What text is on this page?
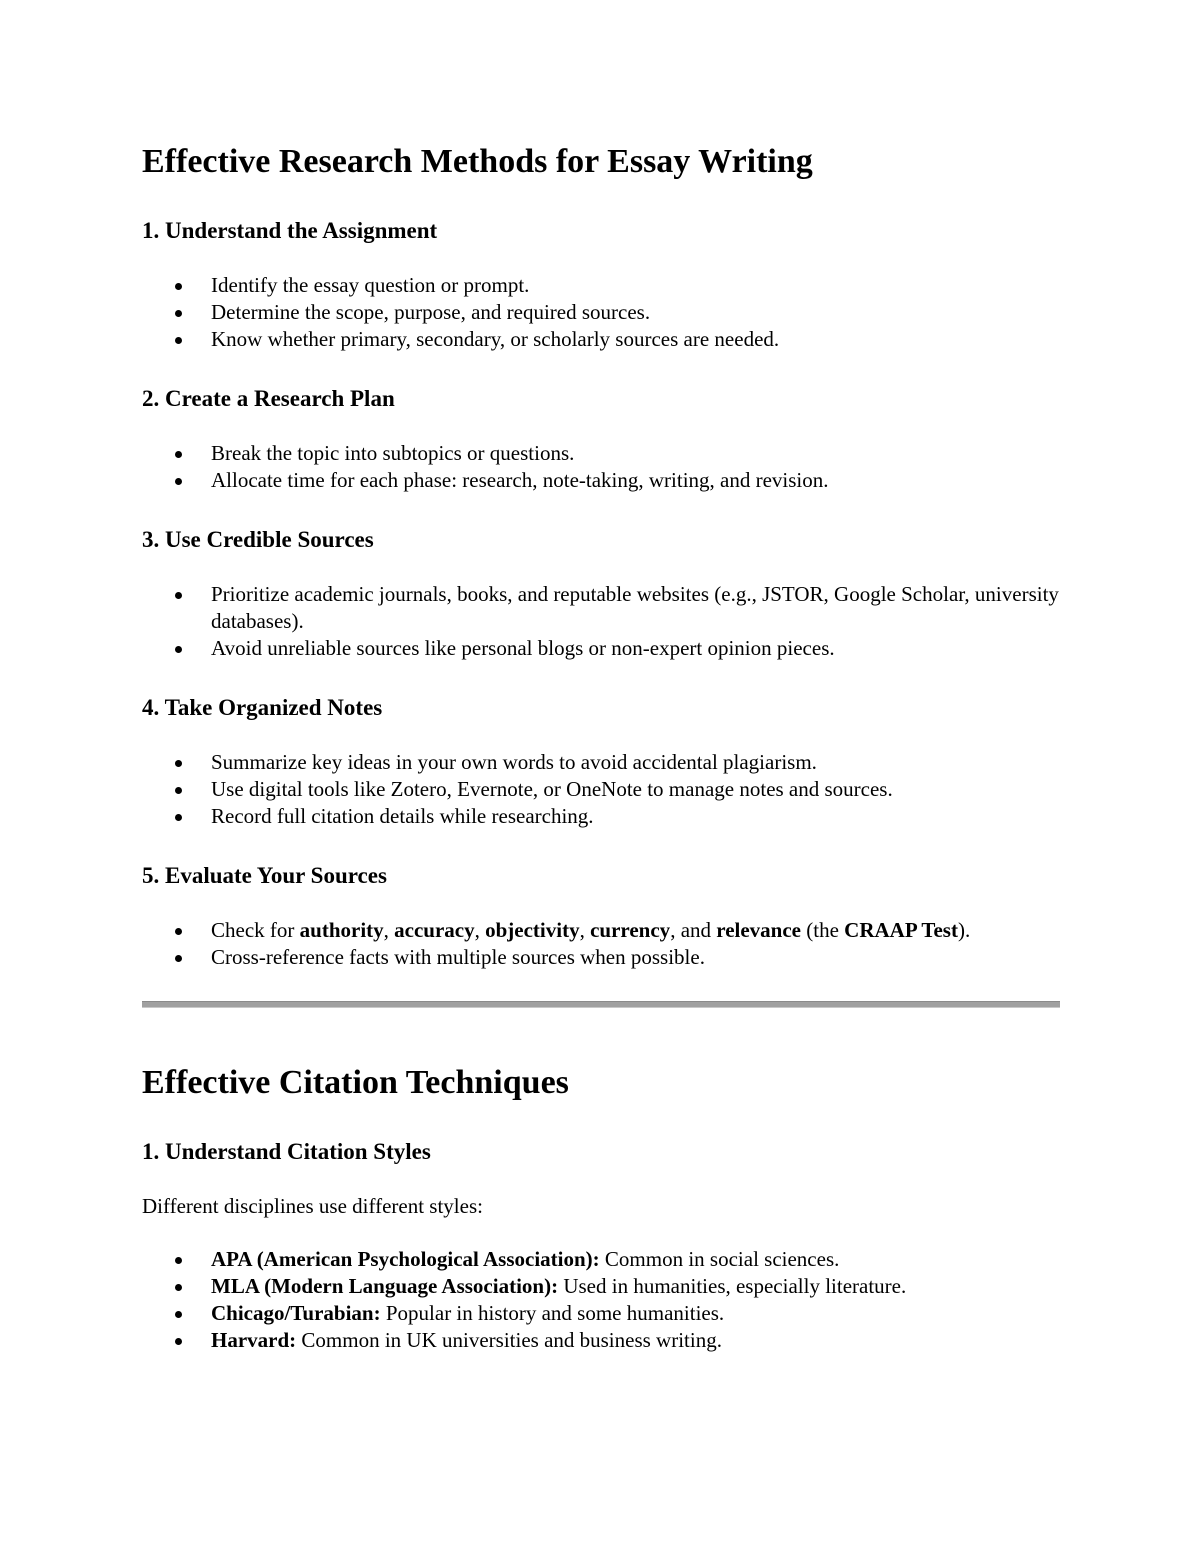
Effective Research Methods for Essay Writing
1. Understand the Assignment
Identify the essay question or prompt.
Determine the scope, purpose, and required sources.
Know whether primary, secondary, or scholarly sources are needed.
2. Create a Research Plan
Break the topic into subtopics or questions.
Allocate time for each phase: research, note-taking, writing, and revision.
3. Use Credible Sources
Prioritize academic journals, books, and reputable websites (e.g., JSTOR, Google Scholar, university databases).
Avoid unreliable sources like personal blogs or non-expert opinion pieces.
4. Take Organized Notes
Summarize key ideas in your own words to avoid accidental plagiarism.
Use digital tools like Zotero, Evernote, or OneNote to manage notes and sources.
Record full citation details while researching.
5. Evaluate Your Sources
Check for authority, accuracy, objectivity, currency, and relevance (the CRAAP Test).
Cross-reference facts with multiple sources when possible.
Effective Citation Techniques
1. Understand Citation Styles

Different disciplines use different styles:

APA (American Psychological Association): Common in social sciences.
MLA (Modern Language Association): Used in humanities, especially literature.
Chicago/Turabian: Popular in history and some humanities.
Harvard: Common in UK universities and business writing.
